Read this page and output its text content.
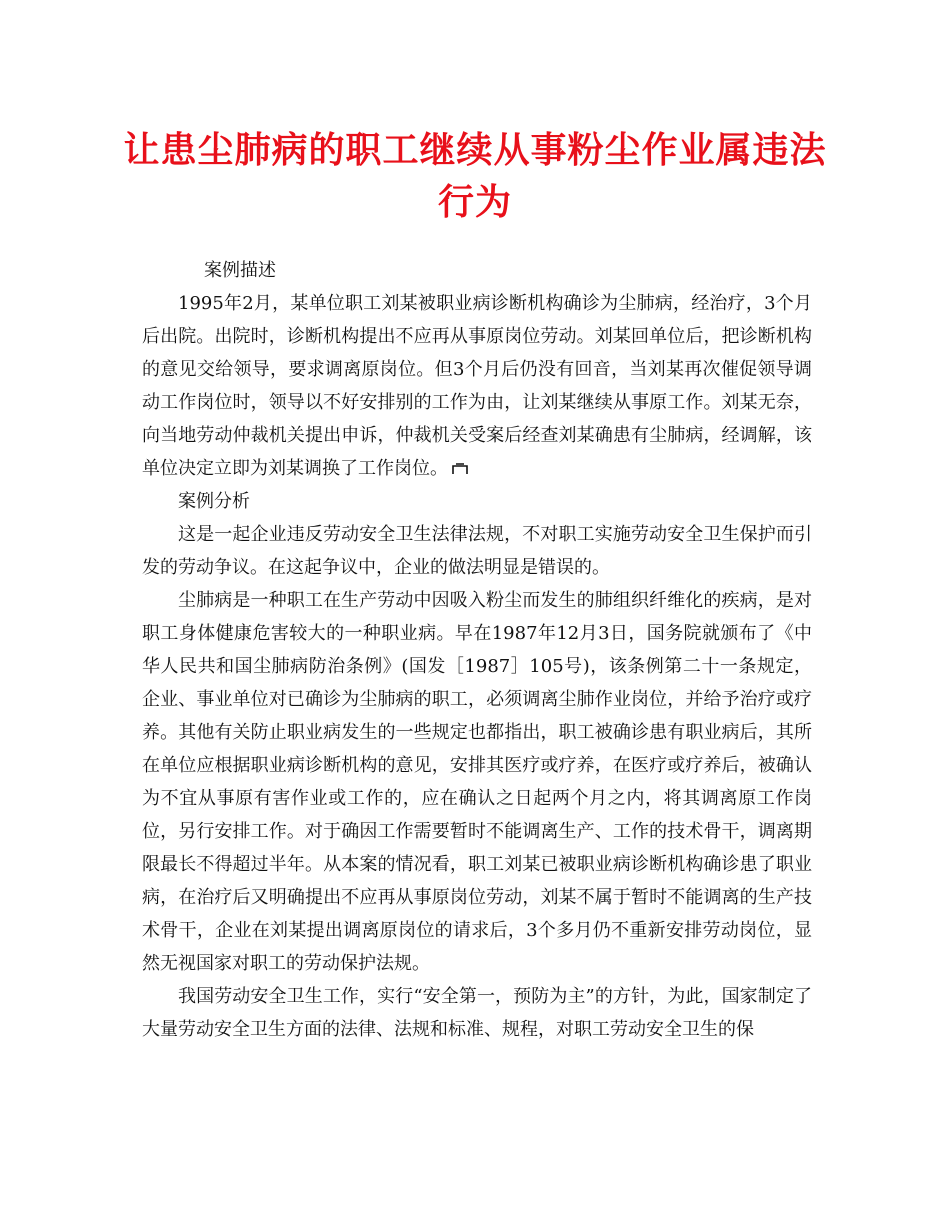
让患尘肺病的职工继续从事粉尘作业属违法行为

案例描述

1995年2月，某单位职工刘某被职业病诊断机构确诊为尘肺病，经治疗，3个月后出院。出院时，诊断机构提出不应再从事原岗位劳动。刘某回单位后，把诊断机构的意见交给领导，要求调离原岗位。但3个月后仍没有回音，当刘某再次催促领导调动工作岗位时，领导以不好安排别的工作为由，让刘某继续从事原工作。刘某无奈，向当地劳动仲裁机关提出申诉，仲裁机关受案后经查刘某确患有尘肺病，经调解，该单位决定立即为刘某调换了工作岗位。

案例分析

这是一起企业违反劳动安全卫生法律法规，不对职工实施劳动安全卫生保护而引发的劳动争议。在这起争议中，企业的做法明显是错误的。

尘肺病是一种职工在生产劳动中因吸入粉尘而发生的肺组织纤维化的疾病，是对职工身体健康危害较大的一种职业病。早在1987年12月3日，国务院就颁布了《中华人民共和国尘肺病防治条例》(国发［1987］105号)，该条例第二十一条规定，企业、事业单位对已确诊为尘肺病的职工，必须调离尘肺作业岗位，并给予治疗或疗养。其他有关防止职业病发生的一些规定也都指出，职工被确诊患有职业病后，其所在单位应根据职业病诊断机构的意见，安排其医疗或疗养，在医疗或疗养后，被确认为不宜从事原有害作业或工作的，应在确认之日起两个月之内，将其调离原工作岗位，另行安排工作。对于确因工作需要暂时不能调离生产、工作的技术骨干，调离期限最长不得超过半年。从本案的情况看，职工刘某已被职业病诊断机构确诊患了职业病，在治疗后又明确提出不应再从事原岗位劳动，刘某不属于暂时不能调离的生产技术骨干，企业在刘某提出调离原岗位的请求后，3个多月仍不重新安排劳动岗位，显然无视国家对职工的劳动保护法规。

我国劳动安全卫生工作，实行“安全第一，预防为主”的方针，为此，国家制定了大量劳动安全卫生方面的法律、法规和标准、规程，对职工劳动安全卫生的保
